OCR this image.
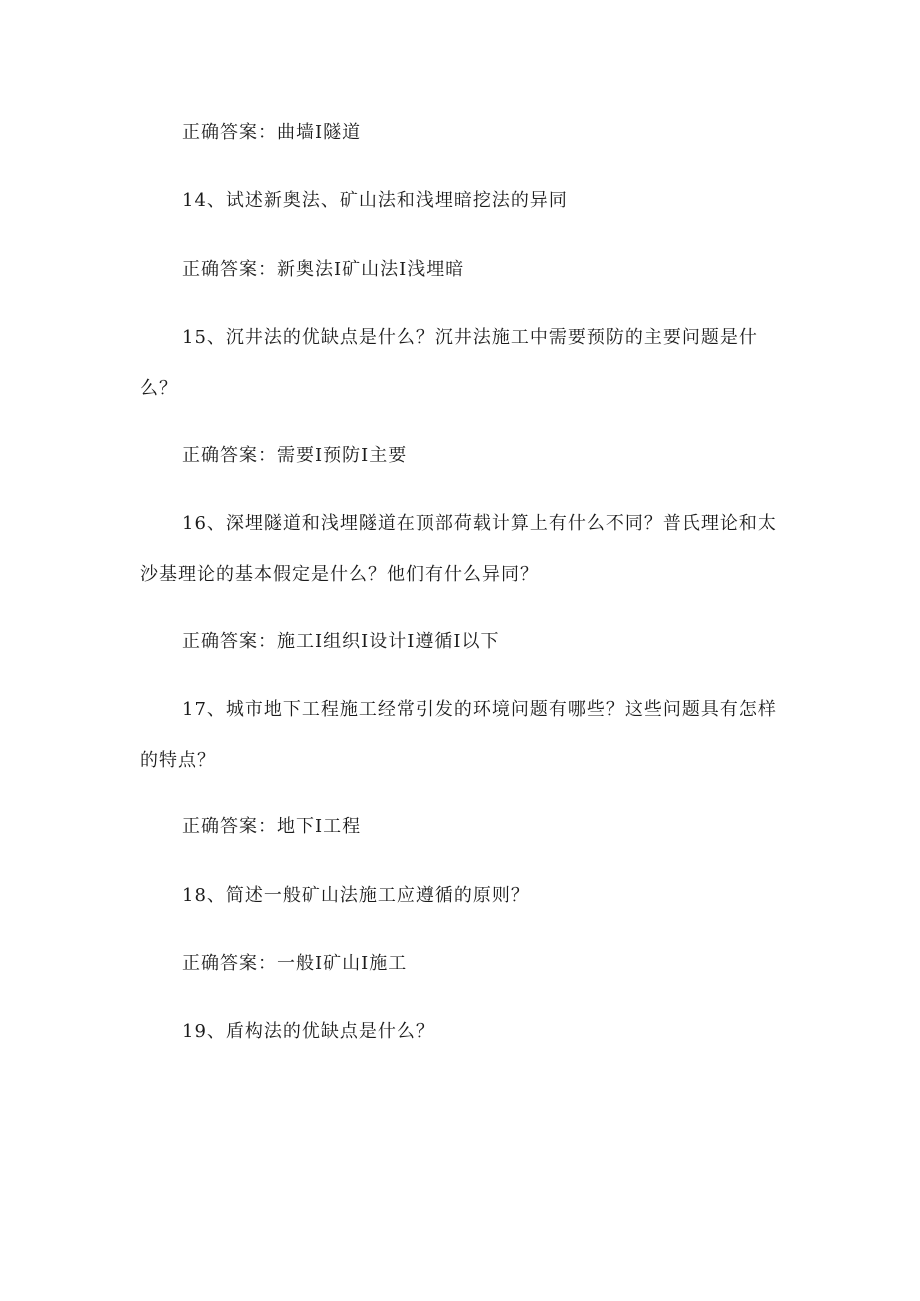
正确答案：曲墙Ⅰ隧道
14、试述新奥法、矿山法和浅埋暗挖法的异同
正确答案：新奥法Ⅰ矿山法Ⅰ浅埋暗
15、沉井法的优缺点是什么？沉井法施工中需要预防的主要问题是什么？
正确答案：需要Ⅰ预防Ⅰ主要
16、深埋隧道和浅埋隧道在顶部荷载计算上有什么不同？普氏理论和太沙基理论的基本假定是什么？他们有什么异同？
正确答案：施工Ⅰ组织Ⅰ设计Ⅰ遵循Ⅰ以下
17、城市地下工程施工经常引发的环境问题有哪些？这些问题具有怎样的特点？
正确答案：地下Ⅰ工程
18、简述一般矿山法施工应遵循的原则？
正确答案：一般Ⅰ矿山Ⅰ施工
19、盾构法的优缺点是什么？
